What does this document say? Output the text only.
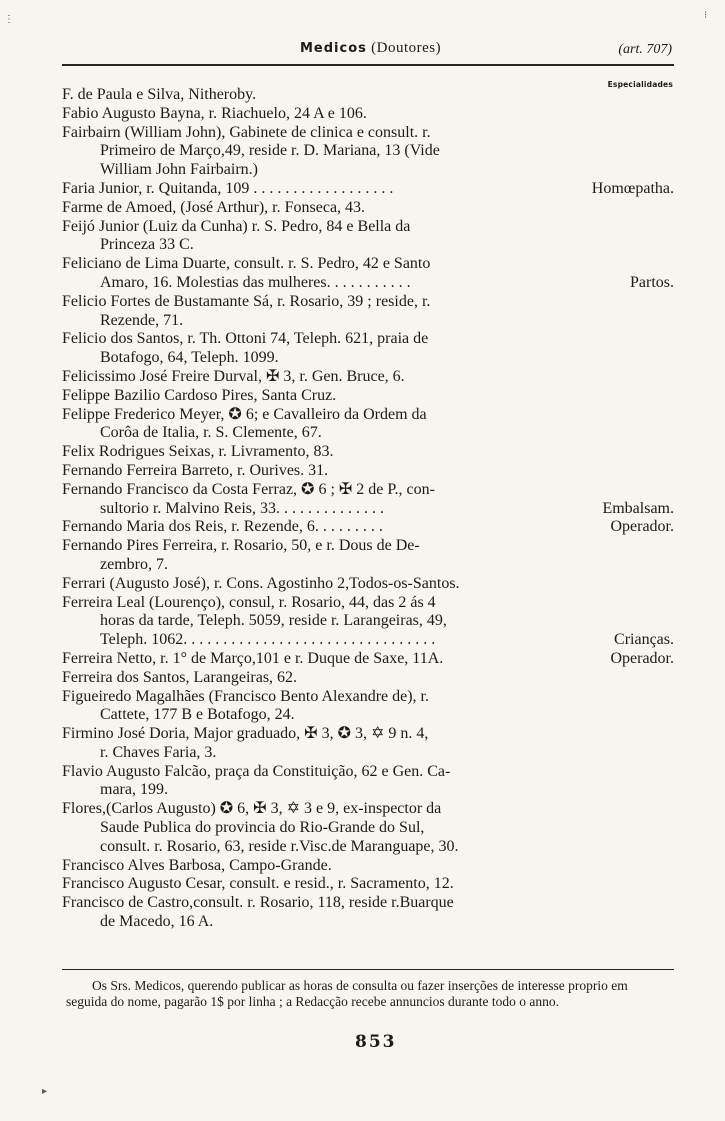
Medicos (Doutores)	(art. 707)
Especialidades
F. de Paula e Silva, Nitheroby.
Fabio Augusto Bayna, r. Riachuelo, 24 A e 106.
Fairbairn (William John), Gabinete de clinica e consult. r.
Primeiro de Março,49, reside r. D. Mariana, 13 (Vide
William John Fairbairn.)
Faria Junior, r. Quitanda, 109 . . . . . . . . . . . . . . . . . .	Homœpatha.
Farme de Amoed, (José Arthur), r. Fonseca, 43.
Feijó Junior (Luiz da Cunha) r. S. Pedro, 84 e Bella da
Princeza 33 C.
Feliciano de Lima Duarte, consult. r. S. Pedro, 42 e Santo
Amaro, 16. Molestias das mulheres. . . . . . . . . . .	Partos.
Felicio Fortes de Bustamante Sá, r. Rosario, 39 ; reside, r.
Rezende, 71.
Felicio dos Santos, r. Th. Ottoni 74, Teleph. 621, praia de
Botafogo, 64, Teleph. 1099.
Felicissimo José Freire Durval, ✠ 3, r. Gen. Bruce, 6.
Felippe Bazilio Cardoso Pires, Santa Cruz.
Felippe Frederico Meyer, ✪ 6; e Cavalleiro da Ordem da
Corôa de Italia, r. S. Clemente, 67.
Felix Rodrigues Seixas, r. Livramento, 83.
Fernando Ferreira Barreto, r. Ourives. 31.
Fernando Francisco da Costa Ferraz, ✪ 6 ; ✠ 2 de P., con-
sultorio r. Malvino Reis, 33. . . . . . . . . . . . . .	Embalsam.
Fernando Maria dos Reis, r. Rezende, 6. . . . . . . . .	Operador.
Fernando Pires Ferreira, r. Rosario, 50, e r. Dous de De-
zembro, 7.
Ferrari (Augusto José), r. Cons. Agostinho 2,Todos-os-Santos.
Ferreira Leal (Lourenço), consul, r. Rosario, 44, das 2 ás 4
horas da tarde, Teleph. 5059, reside r. Larangeiras, 49,
Teleph. 1062. . . . . . . . . . . . . . . . . . . . . . . . . . . . . . . .	Crianças.
Ferreira Netto, r. 1° de Março,101 e r. Duque de Saxe, 11A.	Operador.
Ferreira dos Santos, Larangeiras, 62.
Figueiredo Magalhães (Francisco Bento Alexandre de), r.
Cattete, 177 B e Botafogo, 24.
Firmino José Doria, Major graduado, ✠ 3, ✪ 3, ✡ 9 n. 4,
r. Chaves Faria, 3.
Flavio Augusto Falcão, praça da Constituição, 62 e Gen. Ca-
mara, 199.
Flores,(Carlos Augusto) ✪ 6, ✠ 3, ✡ 3 e 9, ex-inspector da
Saude Publica do provincia do Rio-Grande do Sul,
consult. r. Rosario, 63, reside r.Visc.de Maranguape, 30.
Francisco Alves Barbosa, Campo-Grande.
Francisco Augusto Cesar, consult. e resid., r. Sacramento, 12.
Francisco de Castro,consult. r. Rosario, 118, reside r.Buarque
de Macedo, 16 A.
Os Srs. Medicos, querendo publicar as horas de consulta ou fazer inserções de interesse proprio em seguida do nome, pagarão 1$ por linha ; a Redacção recebe annuncios durante todo o anno.
853
⋮	⁝
▸
